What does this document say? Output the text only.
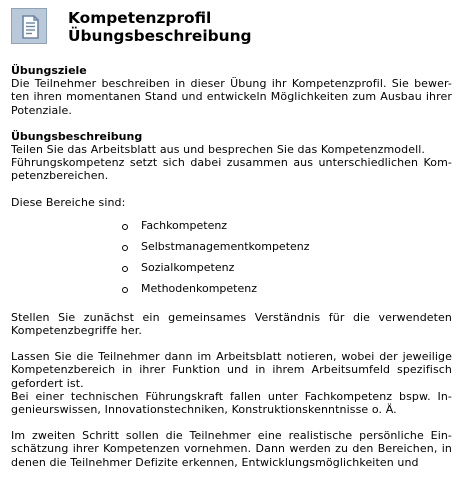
Kompetenzprofil
Übungsbeschreibung
Übungsziele

Die Teilnehmer beschreiben in dieser Übung ihr Kompetenzprofil. Sie bewer- ten ihren momentanen Stand und entwickeln Möglichkeiten zum Ausbau ihrer Potenziale.

Übungsbeschreibung

Teilen Sie das Arbeitsblatt aus und besprechen Sie das Kompetenzmodell.
Führungskompetenz setzt sich dabei zusammen aus unterschiedlichen Kom- petenzbereichen.

Diese Bereiche sind:

Fachkompetenz
Selbstmanagementkompetenz
Sozialkompetenz
Methodenkompetenz

Stellen Sie zunächst ein gemeinsames Verständnis für die verwendeten Kompetenzbegriffe her.

Lassen Sie die Teilnehmer dann im Arbeitsblatt notieren, wobei der jeweilige Kompetenzbereich in ihrer Funktion und in ihrem Arbeitsumfeld spezifisch gefordert ist.
Bei einer technischen Führungskraft fallen unter Fachkompetenz bspw. In- genieurswissen, Innovationstechniken, Konstruktionskenntnisse o. Ä.

Im zweiten Schritt sollen die Teilnehmer eine realistische persönliche Ein- schätzung ihrer Kompetenzen vornehmen. Dann werden zu den Bereichen, in denen die Teilnehmer Defizite erkennen, Entwicklungsmöglichkeiten und
